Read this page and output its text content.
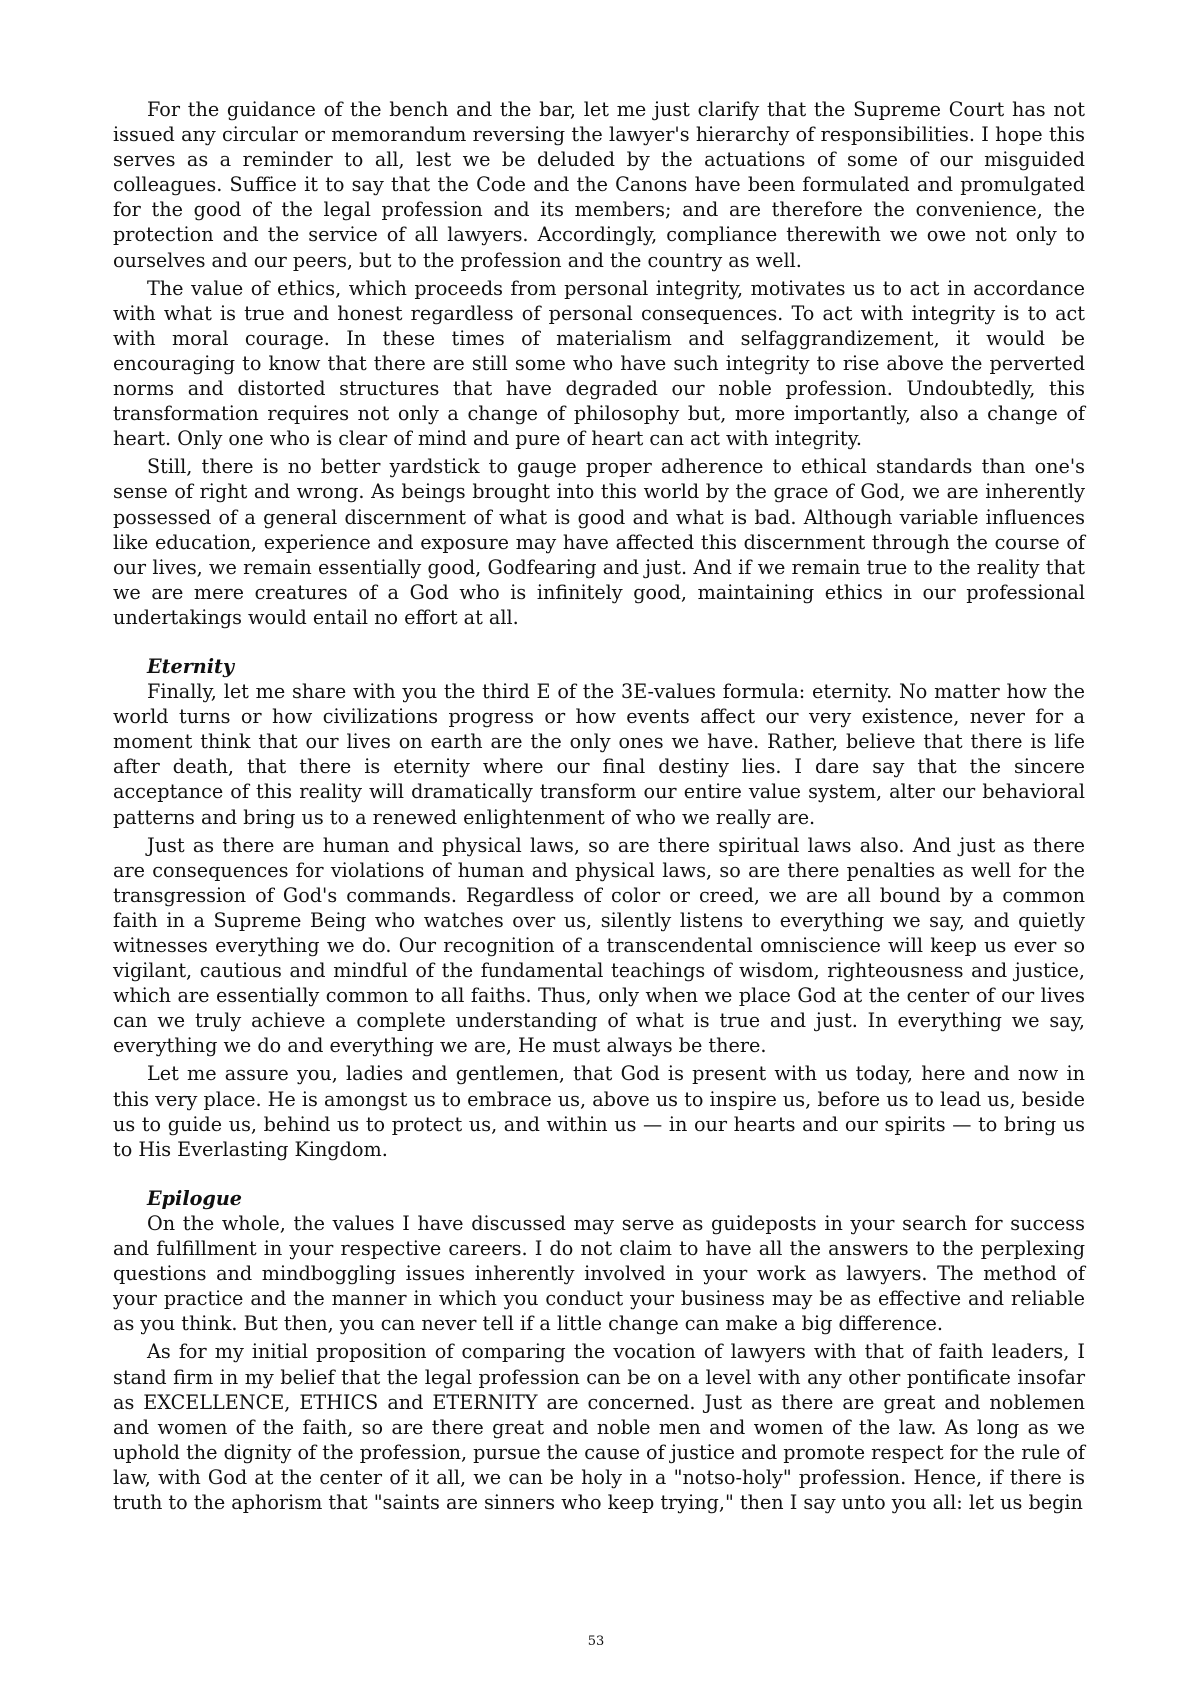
For the guidance of the bench and the bar, let me just clarify that the Supreme Court has not issued any circular or memorandum reversing the lawyer's hierarchy of responsibilities. I hope this serves as a reminder to all, lest we be deluded by the actuations of some of our misguided colleagues. Suffice it to say that the Code and the Canons have been formulated and promulgated for the good of the legal profession and its members; and are therefore the convenience, the protection and the service of all lawyers. Accordingly, compliance therewith we owe not only to ourselves and our peers, but to the profession and the country as well.

The value of ethics, which proceeds from personal integrity, motivates us to act in accordance with what is true and honest regardless of personal consequences. To act with integrity is to act with moral courage. In these times of materialism and selfaggrandizement, it would be encouraging to know that there are still some who have such integrity to rise above the perverted norms and distorted structures that have degraded our noble profession. Undoubtedly, this transformation requires not only a change of philosophy but, more importantly, also a change of heart. Only one who is clear of mind and pure of heart can act with integrity.

Still, there is no better yardstick to gauge proper adherence to ethical standards than one's sense of right and wrong. As beings brought into this world by the grace of God, we are inherently possessed of a general discernment of what is good and what is bad. Although variable influences like education, experience and exposure may have affected this discernment through the course of our lives, we remain essentially good, Godfearing and just. And if we remain true to the reality that we are mere creatures of a God who is infinitely good, maintaining ethics in our professional undertakings would entail no effort at all.

Eternity

Finally, let me share with you the third E of the 3E-values formula: eternity. No matter how the world turns or how civilizations progress or how events affect our very existence, never for a moment think that our lives on earth are the only ones we have. Rather, believe that there is life after death, that there is eternity where our final destiny lies. I dare say that the sincere acceptance of this reality will dramatically transform our entire value system, alter our behavioral patterns and bring us to a renewed enlightenment of who we really are.

Just as there are human and physical laws, so are there spiritual laws also. And just as there are consequences for violations of human and physical laws, so are there penalties as well for the transgression of God's commands. Regardless of color or creed, we are all bound by a common faith in a Supreme Being who watches over us, silently listens to everything we say, and quietly witnesses everything we do. Our recognition of a transcendental omniscience will keep us ever so vigilant, cautious and mindful of the fundamental teachings of wisdom, righteousness and justice, which are essentially common to all faiths. Thus, only when we place God at the center of our lives can we truly achieve a complete understanding of what is true and just. In everything we say, everything we do and everything we are, He must always be there.

Let me assure you, ladies and gentlemen, that God is present with us today, here and now in this very place. He is amongst us to embrace us, above us to inspire us, before us to lead us, beside us to guide us, behind us to protect us, and within us — in our hearts and our spirits — to bring us to His Everlasting Kingdom.

Epilogue

On the whole, the values I have discussed may serve as guideposts in your search for success and fulfillment in your respective careers. I do not claim to have all the answers to the perplexing questions and mindboggling issues inherently involved in your work as lawyers. The method of your practice and the manner in which you conduct your business may be as effective and reliable as you think. But then, you can never tell if a little change can make a big difference.

As for my initial proposition of comparing the vocation of lawyers with that of faith leaders, I stand firm in my belief that the legal profession can be on a level with any other pontificate insofar as EXCELLENCE, ETHICS and ETERNITY are concerned. Just as there are great and noblemen and women of the faith, so are there great and noble men and women of the law. As long as we uphold the dignity of the profession, pursue the cause of justice and promote respect for the rule of law, with God at the center of it all, we can be holy in a "notso-holy" profession. Hence, if there is truth to the aphorism that "saints are sinners who keep trying," then I say unto you all: let us begin

53
